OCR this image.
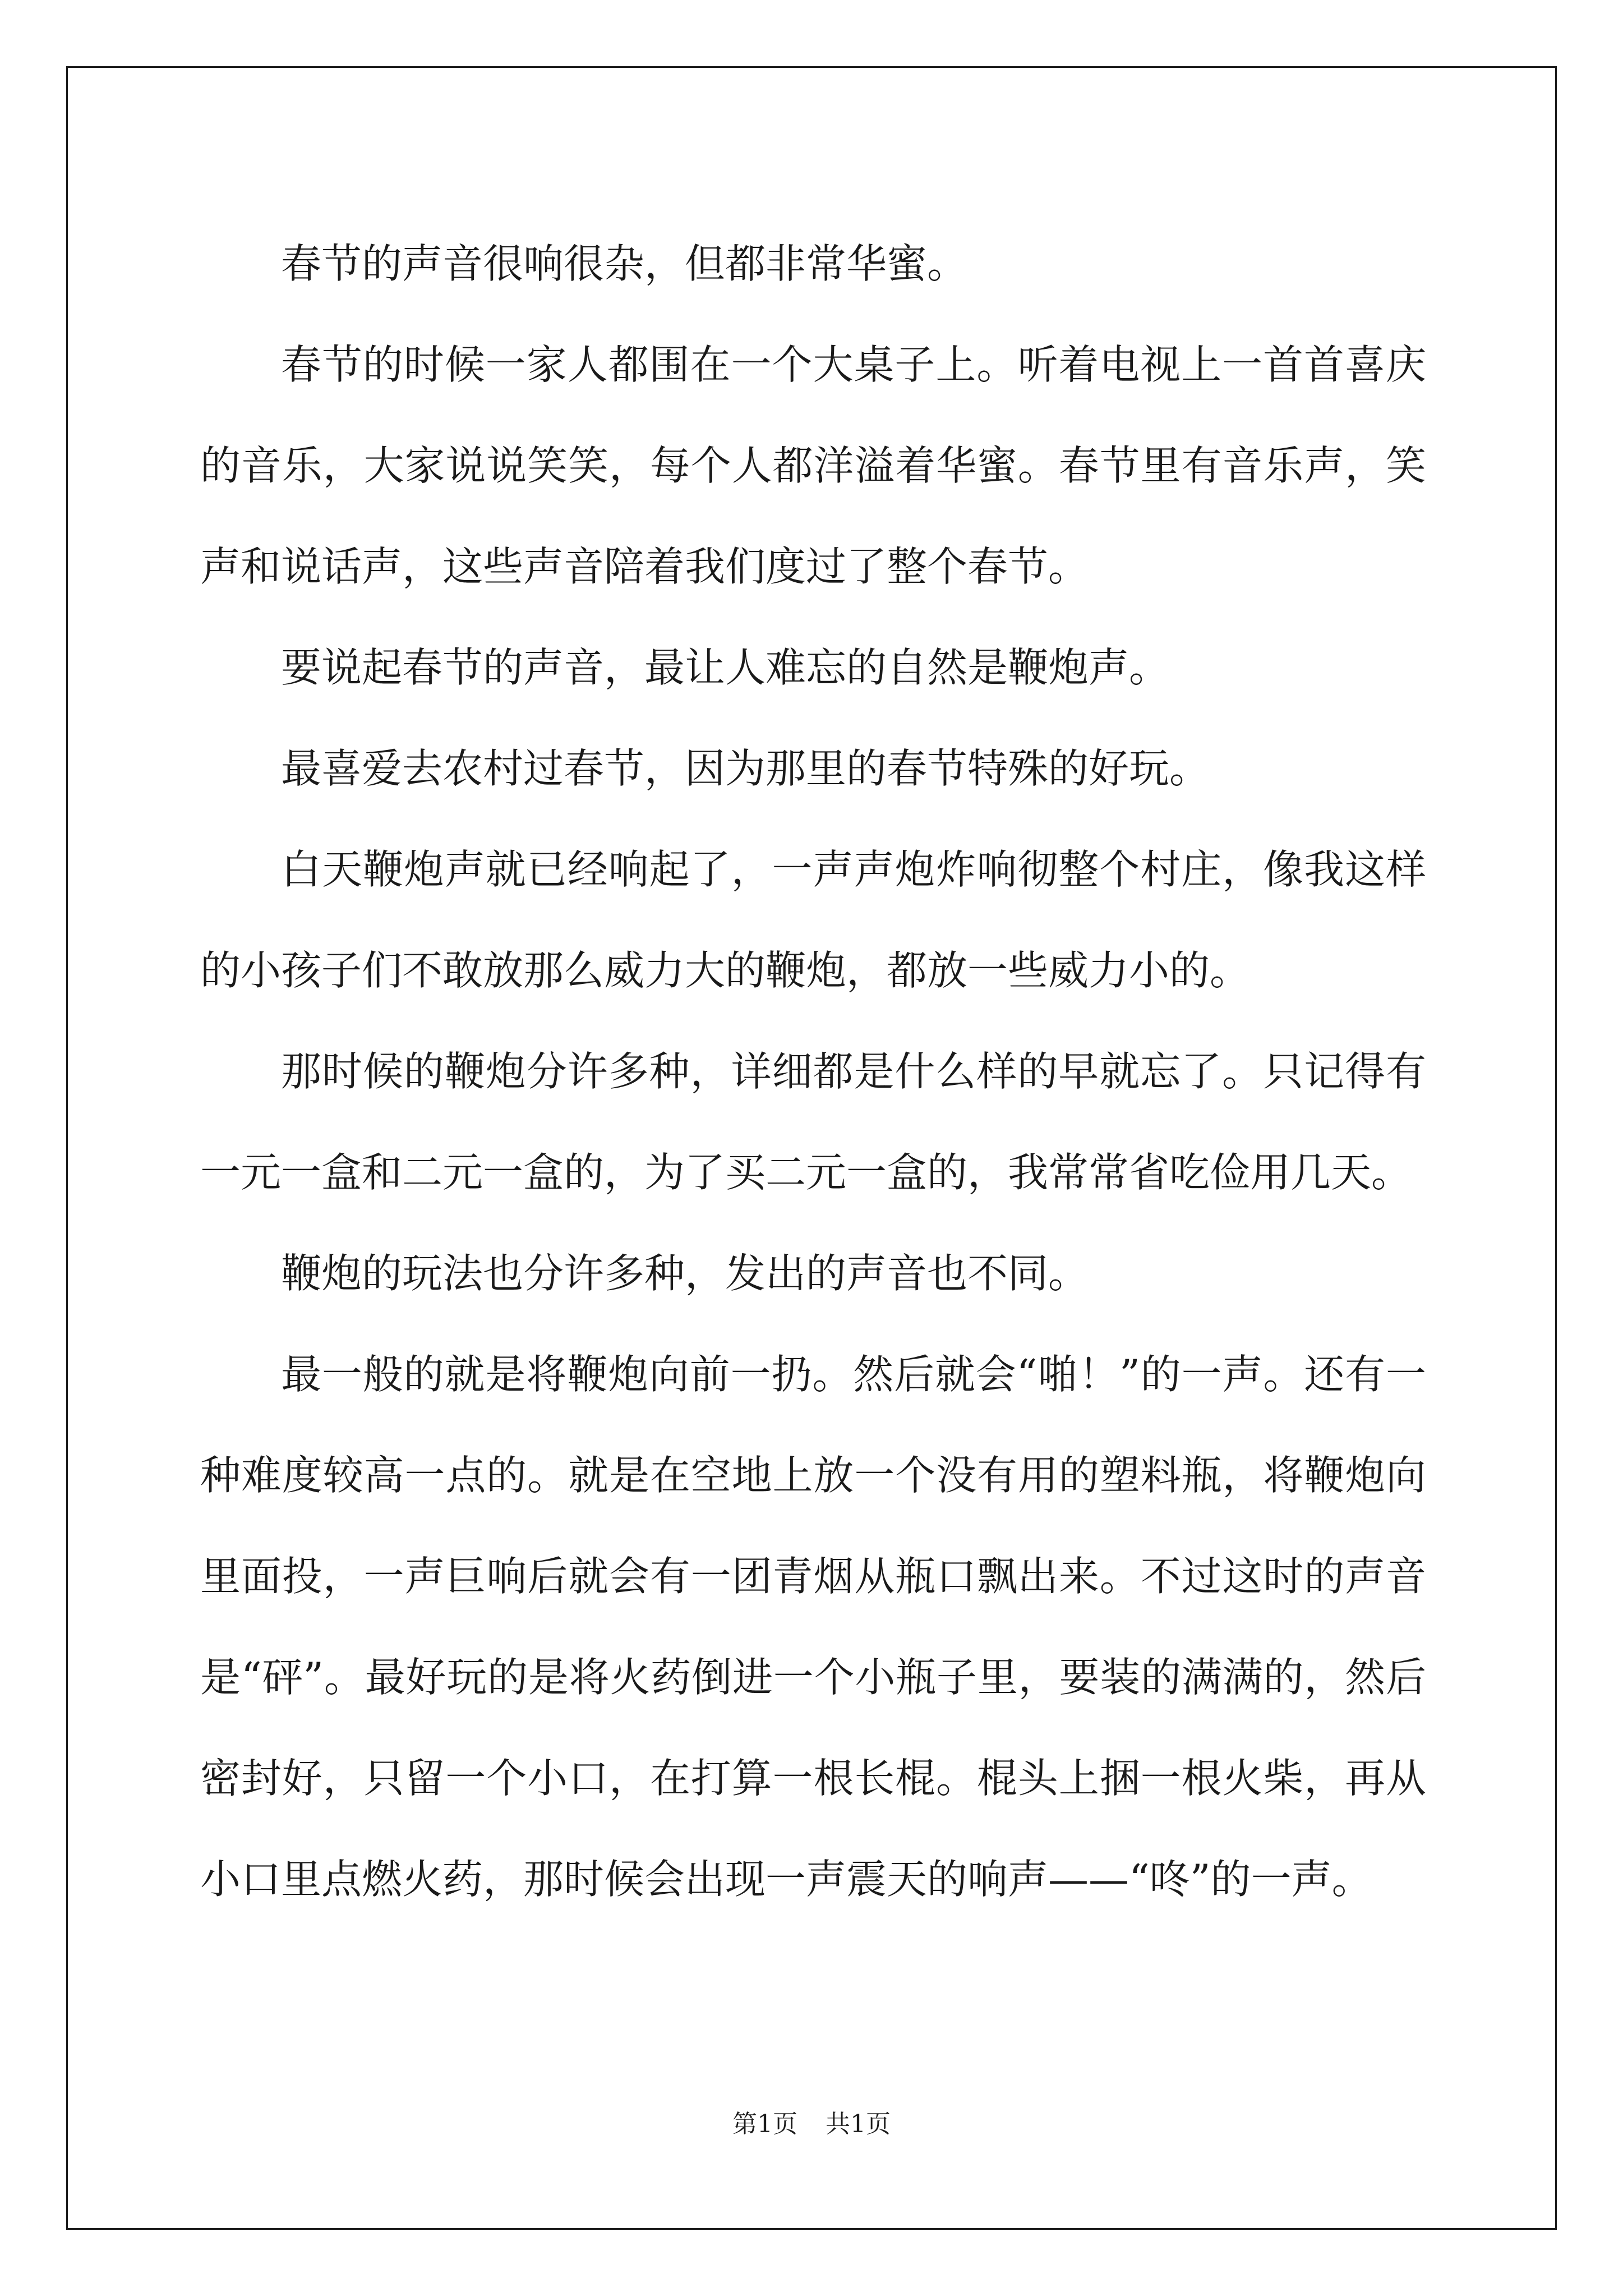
春节的声音很响很杂，但都非常华蜜。

春节的时候一家人都围在一个大桌子上。听着电视上一首首喜庆的音乐，大家说说笑笑，每个人都洋溢着华蜜。春节里有音乐声，笑声和说话声，这些声音陪着我们度过了整个春节。

要说起春节的声音，最让人难忘的自然是鞭炮声。

最喜爱去农村过春节，因为那里的春节特殊的好玩。

白天鞭炮声就已经响起了，一声声炮炸响彻整个村庄，像我这样的小孩子们不敢放那么威力大的鞭炮，都放一些威力小的。

那时候的鞭炮分许多种，详细都是什么样的早就忘了。只记得有一元一盒和二元一盒的，为了买二元一盒的，我常常省吃俭用几天。

鞭炮的玩法也分许多种，发出的声音也不同。

最一般的就是将鞭炮向前一扔。然后就会“啪！”的一声。还有一种难度较高一点的。就是在空地上放一个没有用的塑料瓶，将鞭炮向里面投，一声巨响后就会有一团青烟从瓶口飘出来。不过这时的声音是“砰”。最好玩的是将火药倒进一个小瓶子里，要装的满满的，然后密封好，只留一个小口，在打算一根长棍。棍头上捆一根火柴，再从小口里点燃火药，那时候会出现一声震天的响声——“咚”的一声。

第1页 共1页
